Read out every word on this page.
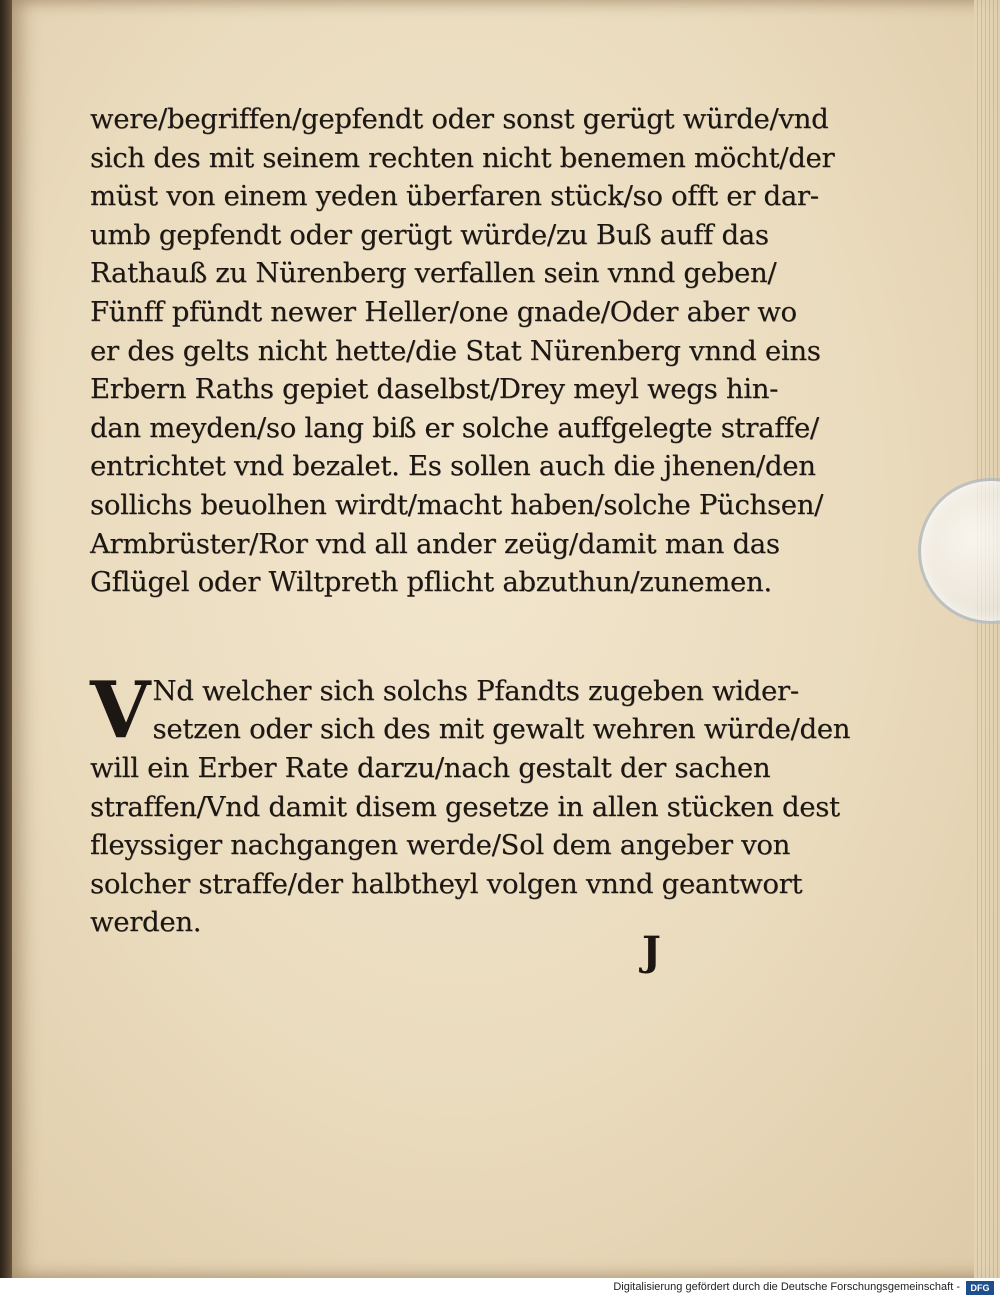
were/begriffen/gepfendt oder sonst gerügt würde/vnd
sich des mit seinem rechten nicht benemen möcht/der
müst von einem yeden überfaren stück/so offt er dar-
umb gepfendt oder gerügt würde/zu Buß auff das
Rathauß zu Nürenberg verfallen sein vnnd geben/
Fünff pfündt newer Heller/one gnade/Oder aber wo
er des gelts nicht hette/die Stat Nürenberg vnnd eins
Erbern Raths gepiet daselbst/Drey meyl wegs hin-
dan meyden/so lang biß er solche auffgelegte straffe/
entrichtet vnd bezalet. Es sollen auch die jhenen/den
sollichs beuolhen wirdt/macht haben/solche Püchsen/
Armbrüster/Ror vnd all ander zeüg/damit man das
Gflügel oder Wiltpreth pflicht abzuthun/zunemen.
V Nd welcher sich solchs Pfandts zugeben wider-
setzen oder sich des mit gewalt wehren würde/den
will ein Erber Rate darzu/nach gestalt der sachen
straffen/Vnd damit disem gesetze in allen stücken dest
fleyssiger nachgangen werde/Sol dem angeber von
solcher straffe/der halbtheyl volgen vnnd geantwort
werden.
J
Digitalisierung gefördert durch die Deutsche Forschungsgemeinschaft -	DFG
